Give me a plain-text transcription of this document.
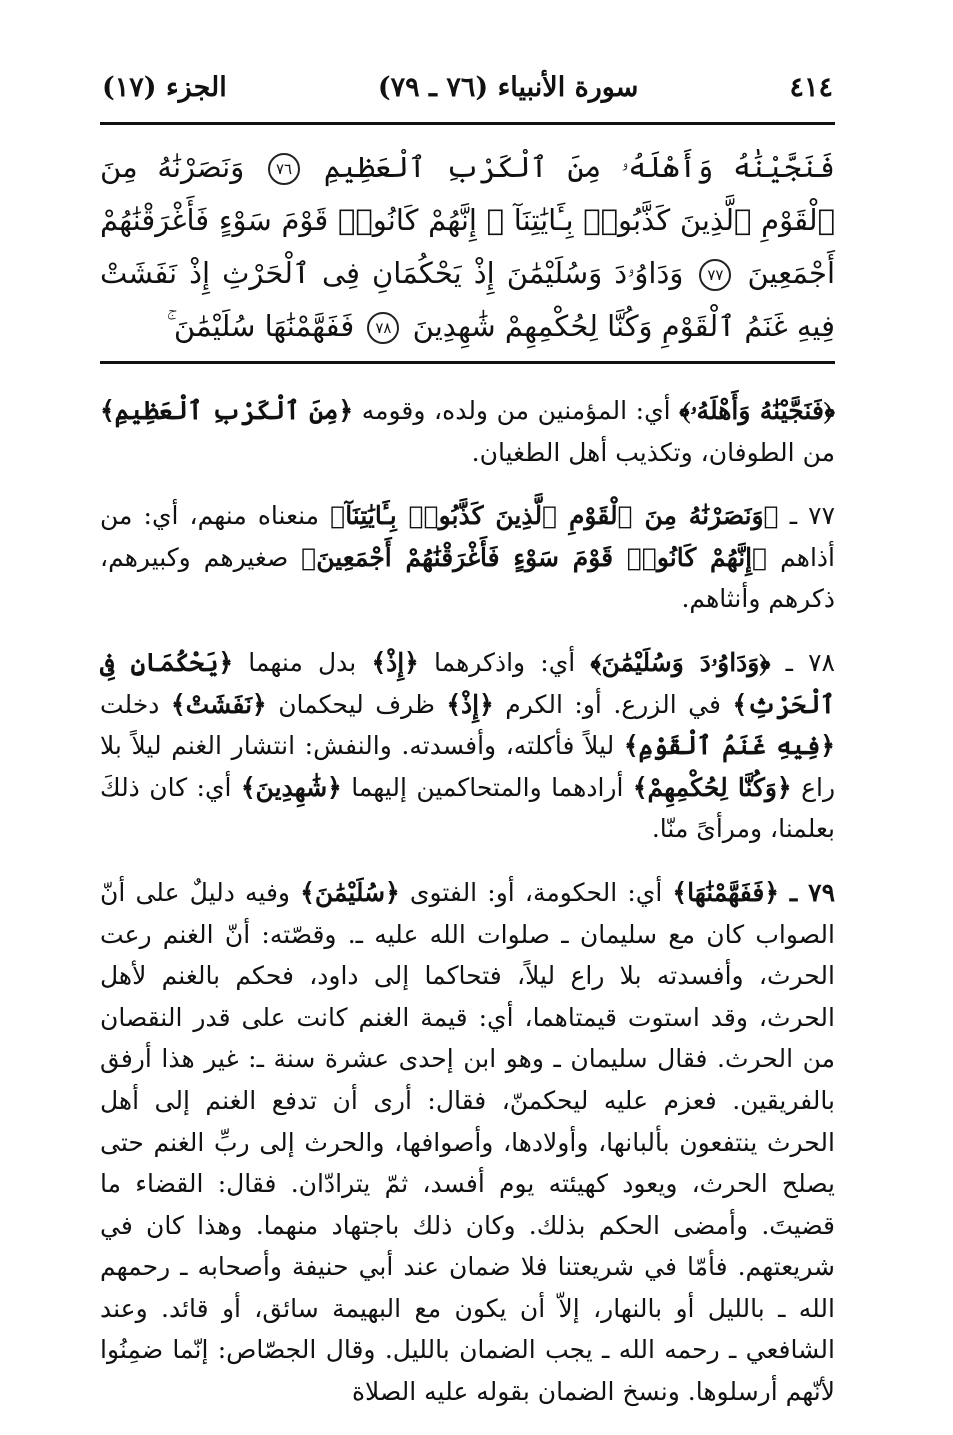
٤١٤
سورة الأنبياء (٧٦ ـ ٧٩)
الجزء (١٧)
فَنَجَّيْنَٰهُ وَأَهْلَهُۥ مِنَ ٱلْكَرْبِ ٱلْعَظِيمِ
٧٦
وَنَصَرْنَٰهُ مِنَ ٱلْقَوْمِ ٱلَّذِينَ كَذَّبُوا۟ بِـَٔايَٰتِنَآ ۚ إِنَّهُمْ كَانُوا۟ قَوْمَ سَوْءٍ فَأَغْرَقْنَٰهُمْ أَجْمَعِينَ
٧٧
وَدَاوُۥدَ وَسُلَيْمَٰنَ إِذْ يَحْكُمَانِ فِى ٱلْحَرْثِ إِذْ نَفَشَتْ فِيهِ غَنَمُ ٱلْقَوْمِ وَكُنَّا لِحُكْمِهِمْ شَٰهِدِينَ
٧٨
فَفَهَّمْنَٰهَا سُلَيْمَٰنَ ۚ

﴿فَنَجَّيْنَٰهُ وَأَهْلَهُۥ﴾ أي: المؤمنين من ولده، وقومه ﴿مِنَ ٱلْكَرْبِ ٱلْعَظِيمِ﴾ من الطوفان، وتكذيب أهل الطغيان.

٧٧ ـ ﴿وَنَصَرْنَٰهُ مِنَ ٱلْقَوْمِ ٱلَّذِينَ كَذَّبُوا۟ بِـَٔايَٰتِنَآ﴾ منعناه منهم، أي: من أذاهم ﴿إِنَّهُمْ كَانُوا۟ قَوْمَ سَوْءٍ فَأَغْرَقْنَٰهُمْ أَجْمَعِينَ﴾ صغيرهم وكبيرهم، ذكرهم وأنثاهم.

٧٨ ـ ﴿وَدَاوُۥدَ وَسُلَيْمَٰنَ﴾ أي: واذكرهما ﴿إِذْ﴾ بدل منهما ﴿يَحْكُمَانِ فِى ٱلْحَرْثِ﴾ في الزرع. أو: الكرم ﴿إِذْ﴾ ظرف ليحكمان ﴿نَفَشَتْ﴾ دخلت ﴿فِيهِ غَنَمُ ٱلْقَوْمِ﴾ ليلاً فأكلته، وأفسدته. والنفش: انتشار الغنم ليلاً بلا راع ﴿وَكُنَّا لِحُكْمِهِمْ﴾ أرادهما والمتحاكمين إليهما ﴿شَٰهِدِينَ﴾ أي: كان ذلكَ بعلمنا، ومرأىً منّا.

٧٩ ـ ﴿فَفَهَّمْنَٰهَا﴾ أي: الحكومة، أو: الفتوى ﴿سُلَيْمَٰنَ﴾ وفيه دليلٌ على أنّ الصواب كان مع سليمان ـ صلوات الله عليه ـ. وقصّته: أنّ الغنم رعت الحرث، وأفسدته بلا راع ليلاً، فتحاكما إلى داود، فحكم بالغنم لأهل الحرث، وقد استوت قيمتاهما، أي: قيمة الغنم كانت على قدر النقصان من الحرث. فقال سليمان ـ وهو ابن إحدى عشرة سنة ـ: غير هذا أرفق بالفريقين. فعزم عليه ليحكمنّ، فقال: أرى أن تدفع الغنم إلى أهل الحرث ينتفعون بألبانها، وأولادها، وأصوافها، والحرث إلى ربِّ الغنم حتى يصلح الحرث، ويعود كهيئته يوم أفسد، ثمّ يترادّان. فقال: القضاء ما قضيتَ. وأمضى الحكم بذلك. وكان ذلك باجتهاد منهما. وهذا كان في شريعتهم. فأمّا في شريعتنا فلا ضمان عند أبي حنيفة وأصحابه ـ رحمهم الله ـ بالليل أو بالنهار، إلاّ أن يكون مع البهيمة سائق، أو قائد. وعند الشافعي ـ رحمه الله ـ يجب الضمان بالليل. وقال الجصّاص: إنّما ضمِنُوا لأنّهم أرسلوها. ونسخ الضمان بقوله عليه الصلاة
